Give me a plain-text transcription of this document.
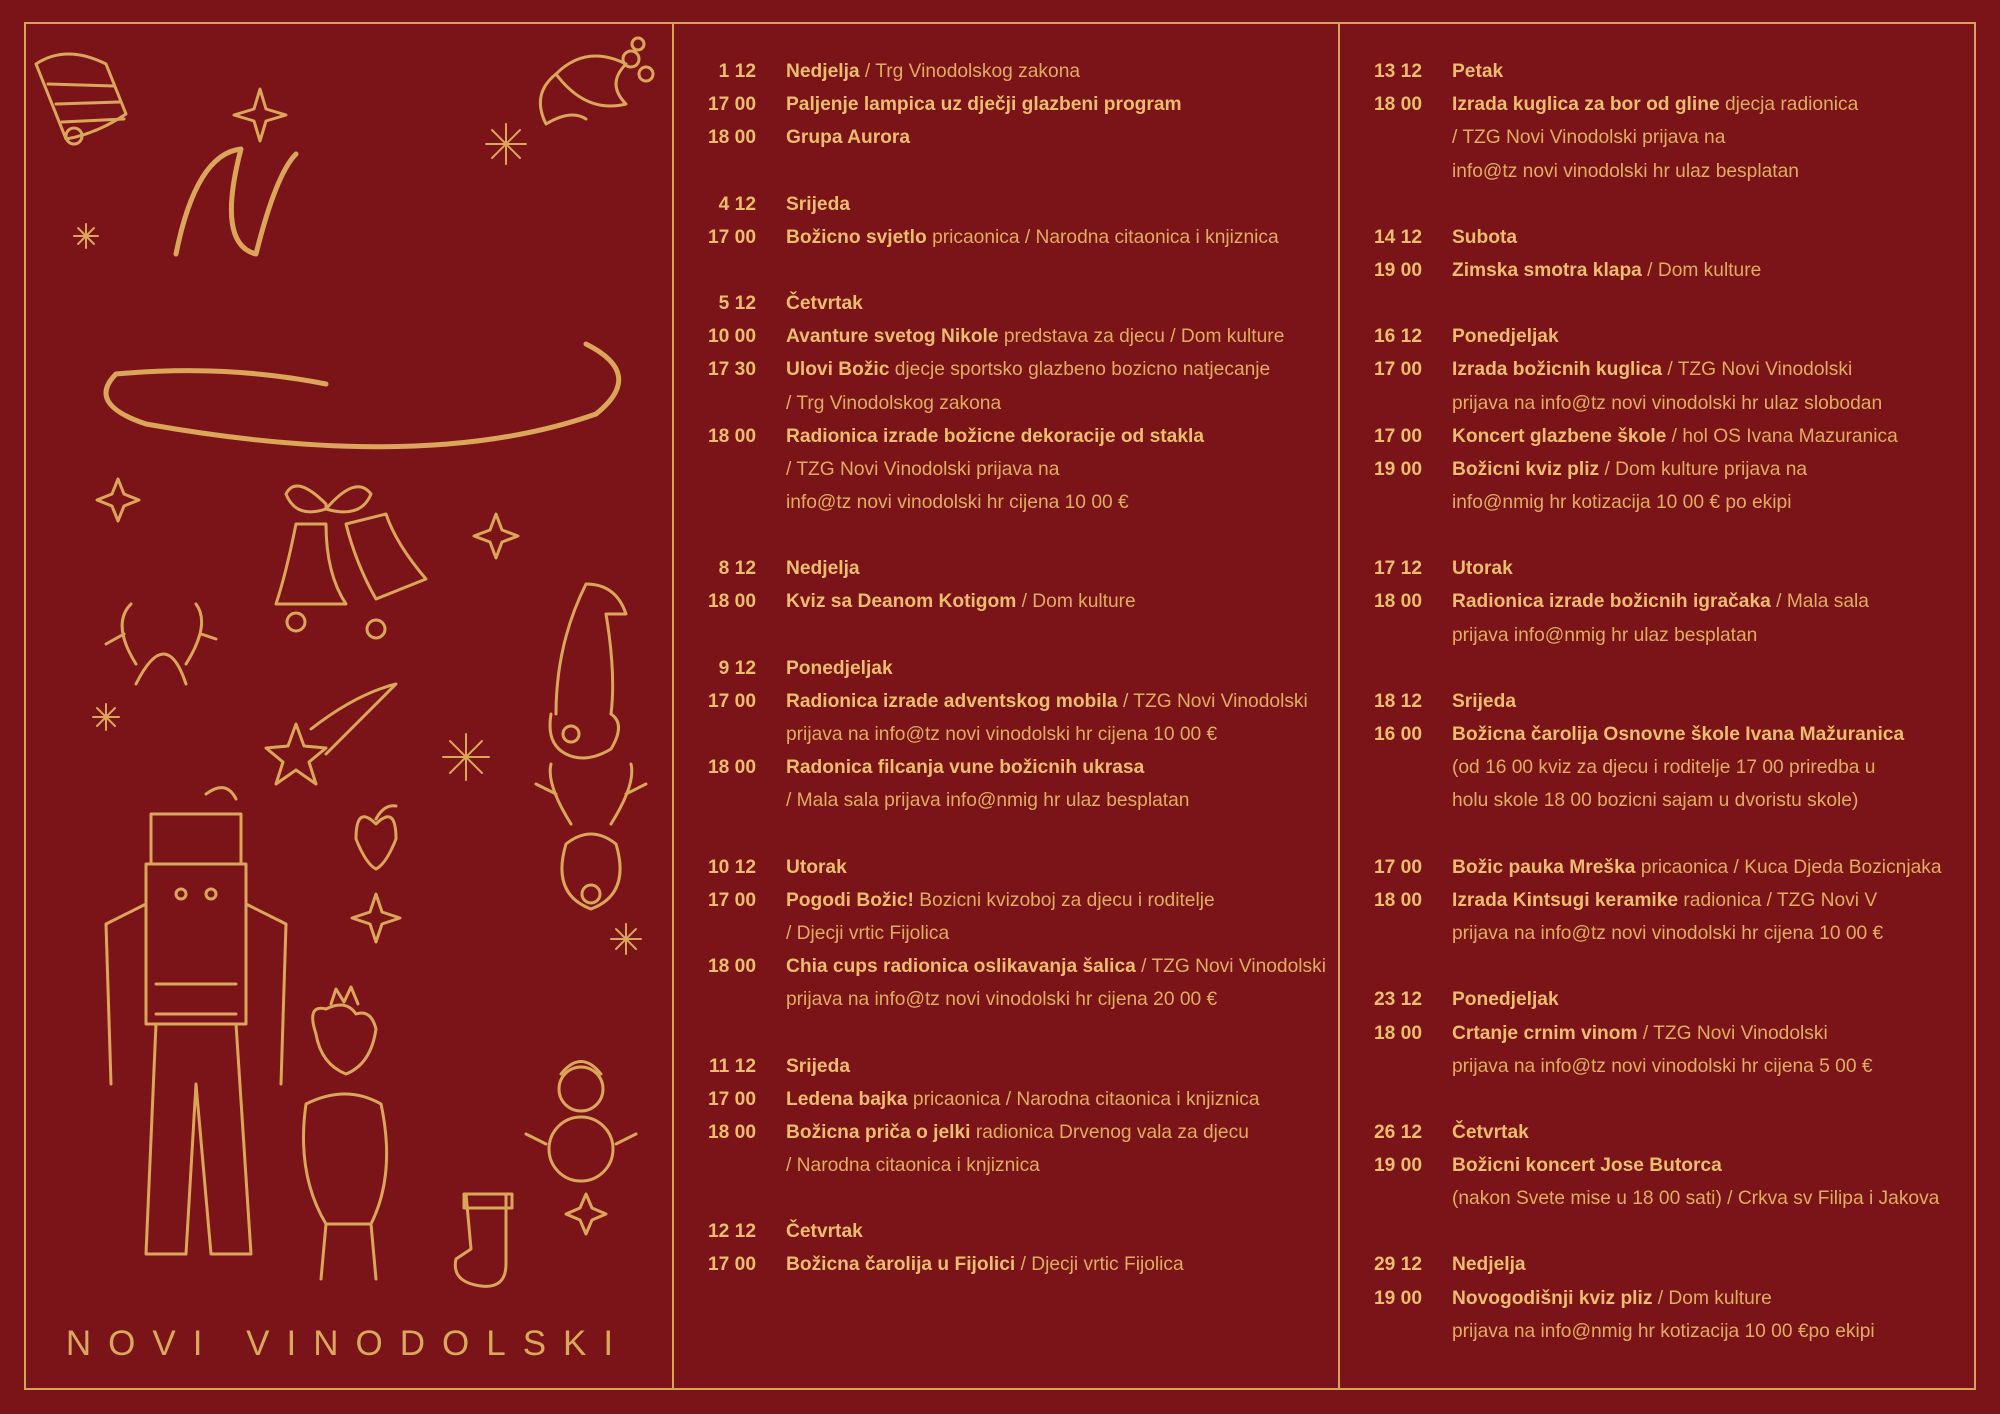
NOVI VINODOLSKI
1 12	Nedjelja / Trg Vinodolskog zakona
17 00	Paljenje lampica uz dječji glazbeni program
18 00	Grupa Aurora
4 12	Srijeda
17 00	Božicno svjetlo pricaonica / Narodna citaonica i knjiznica
5 12	Četvrtak
10 00	Avanture svetog Nikole predstava za djecu / Dom kulture
17 30	Ulovi Božic djecje sportsko glazbeno bozicno natjecanje
/ Trg Vinodolskog zakona
18 00	Radionica izrade božicne dekoracije od stakla
/ TZG Novi Vinodolski prijava na
info@tz novi vinodolski hr cijena 10 00 €
8 12	Nedjelja
18 00	Kviz sa Deanom Kotigom / Dom kulture
9 12	Ponedjeljak
17 00	Radionica izrade adventskog mobila / TZG Novi Vinodolski
prijava na info@tz novi vinodolski hr cijena 10 00 €
18 00	Radonica filcanja vune božicnih ukrasa
/ Mala sala prijava info@nmig hr ulaz besplatan
10 12	Utorak
17 00	Pogodi Božic! Bozicni kvizoboj za djecu i roditelje
/ Djecji vrtic Fijolica
18 00	Chia cups radionica oslikavanja šalica / TZG Novi Vinodolski
prijava na info@tz novi vinodolski hr cijena 20 00 €
11 12	Srijeda
17 00	Ledena bajka pricaonica / Narodna citaonica i knjiznica
18 00	Božicna priča o jelki radionica Drvenog vala za djecu
/ Narodna citaonica i knjiznica
12 12	Četvrtak
17 00	Božicna čarolija u Fijolici / Djecji vrtic Fijolica
13 12	Petak
18 00	Izrada kuglica za bor od gline djecja radionica
/ TZG Novi Vinodolski prijava na
info@tz novi vinodolski hr ulaz besplatan
14 12	Subota
19 00	Zimska smotra klapa / Dom kulture
16 12	Ponedjeljak
17 00	Izrada božicnih kuglica / TZG Novi Vinodolski
prijava na info@tz novi vinodolski hr ulaz slobodan
17 00	Koncert glazbene škole / hol OS Ivana Mazuranica
19 00	Božicni kviz pliz / Dom kulture prijava na
info@nmig hr kotizacija 10 00 € po ekipi
17 12	Utorak
18 00	Radionica izrade božicnih igračaka / Mala sala
prijava info@nmig hr ulaz besplatan
18 12	Srijeda
16 00	Božicna čarolija Osnovne škole Ivana Mažuranica
(od 16 00 kviz za djecu i roditelje 17 00 priredba u
holu skole 18 00 bozicni sajam u dvoristu skole)
17 00	Božic pauka Mreška pricaonica / Kuca Djeda Bozicnjaka
18 00	Izrada Kintsugi keramike radionica / TZG Novi V
prijava na info@tz novi vinodolski hr cijena 10 00 €
23 12	Ponedjeljak
18 00	Crtanje crnim vinom / TZG Novi Vinodolski
prijava na info@tz novi vinodolski hr cijena 5 00 €
26 12	Četvrtak
19 00	Božicni koncert Jose Butorca
(nakon Svete mise u 18 00 sati) / Crkva sv Filipa i Jakova
29 12	Nedjelja
19 00	Novogodišnji kviz pliz / Dom kulture
prijava na info@nmig hr kotizacija 10 00 €po ekipi
